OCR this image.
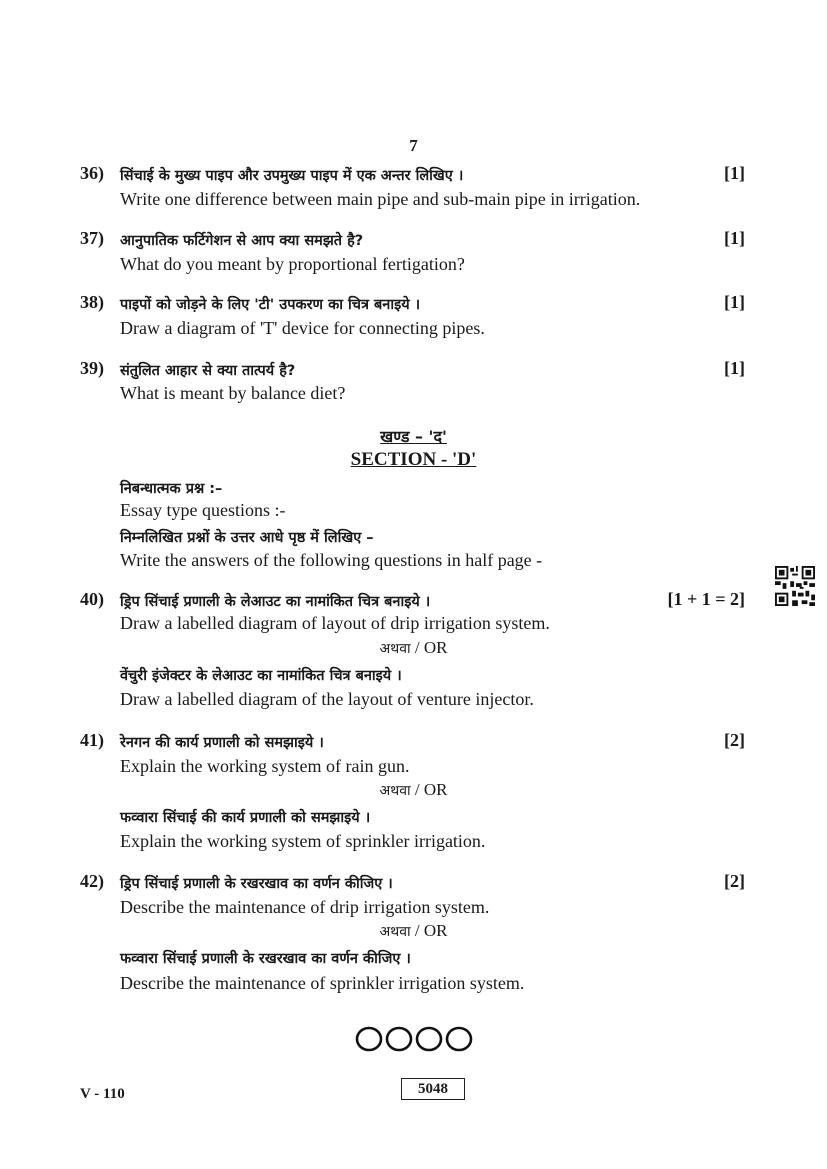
7
36) सिंचाई के मुख्य पाइप और उपमुख्य पाइप में एक अन्तर लिखिए ।	[1]
Write one difference between main pipe and sub-main pipe in irrigation.
37) आनुपातिक फर्टिगेशन से आप क्या समझते है?	[1]
What do you meant by proportional fertigation?
38) पाइपों को जोड़ने के लिए 'टी' उपकरण का चित्र बनाइये ।	[1]
Draw a diagram of 'T' device for connecting pipes.
39) संतुलित आहार से क्या तात्पर्य है?	[1]
What is meant by balance diet?
खण्ड – 'द'
SECTION - 'D'
निबन्धात्मक प्रश्न :–
Essay type questions :-
निम्नलिखित प्रश्नों के उत्तर आधे पृष्ठ में लिखिए –
Write the answers of the following questions in half page -
40) ड्रिप सिंचाई प्रणाली के लेआउट का नामांकित चित्र बनाइये ।	[1 + 1 = 2]
Draw a labelled diagram of layout of drip irrigation system.
अथवा / OR
वेंचुरी इंजेक्टर के लेआउट का नामांकित चित्र बनाइये ।
Draw a labelled diagram of the layout of venture injector.
41) रेनगन की कार्य प्रणाली को समझाइये ।	[2]
Explain the working system of rain gun.
अथवा / OR
फव्वारा सिंचाई की कार्य प्रणाली को समझाइये ।
Explain the working system of sprinkler irrigation.
42) ड्रिप सिंचाई प्रणाली के रखरखाव का वर्णन कीजिए ।	[2]
Describe the maintenance of drip irrigation system.
अथवा / OR
फव्वारा सिंचाई प्रणाली के रखरखाव का वर्णन कीजिए ।
Describe the maintenance of sprinkler irrigation system.
V - 110	5048
